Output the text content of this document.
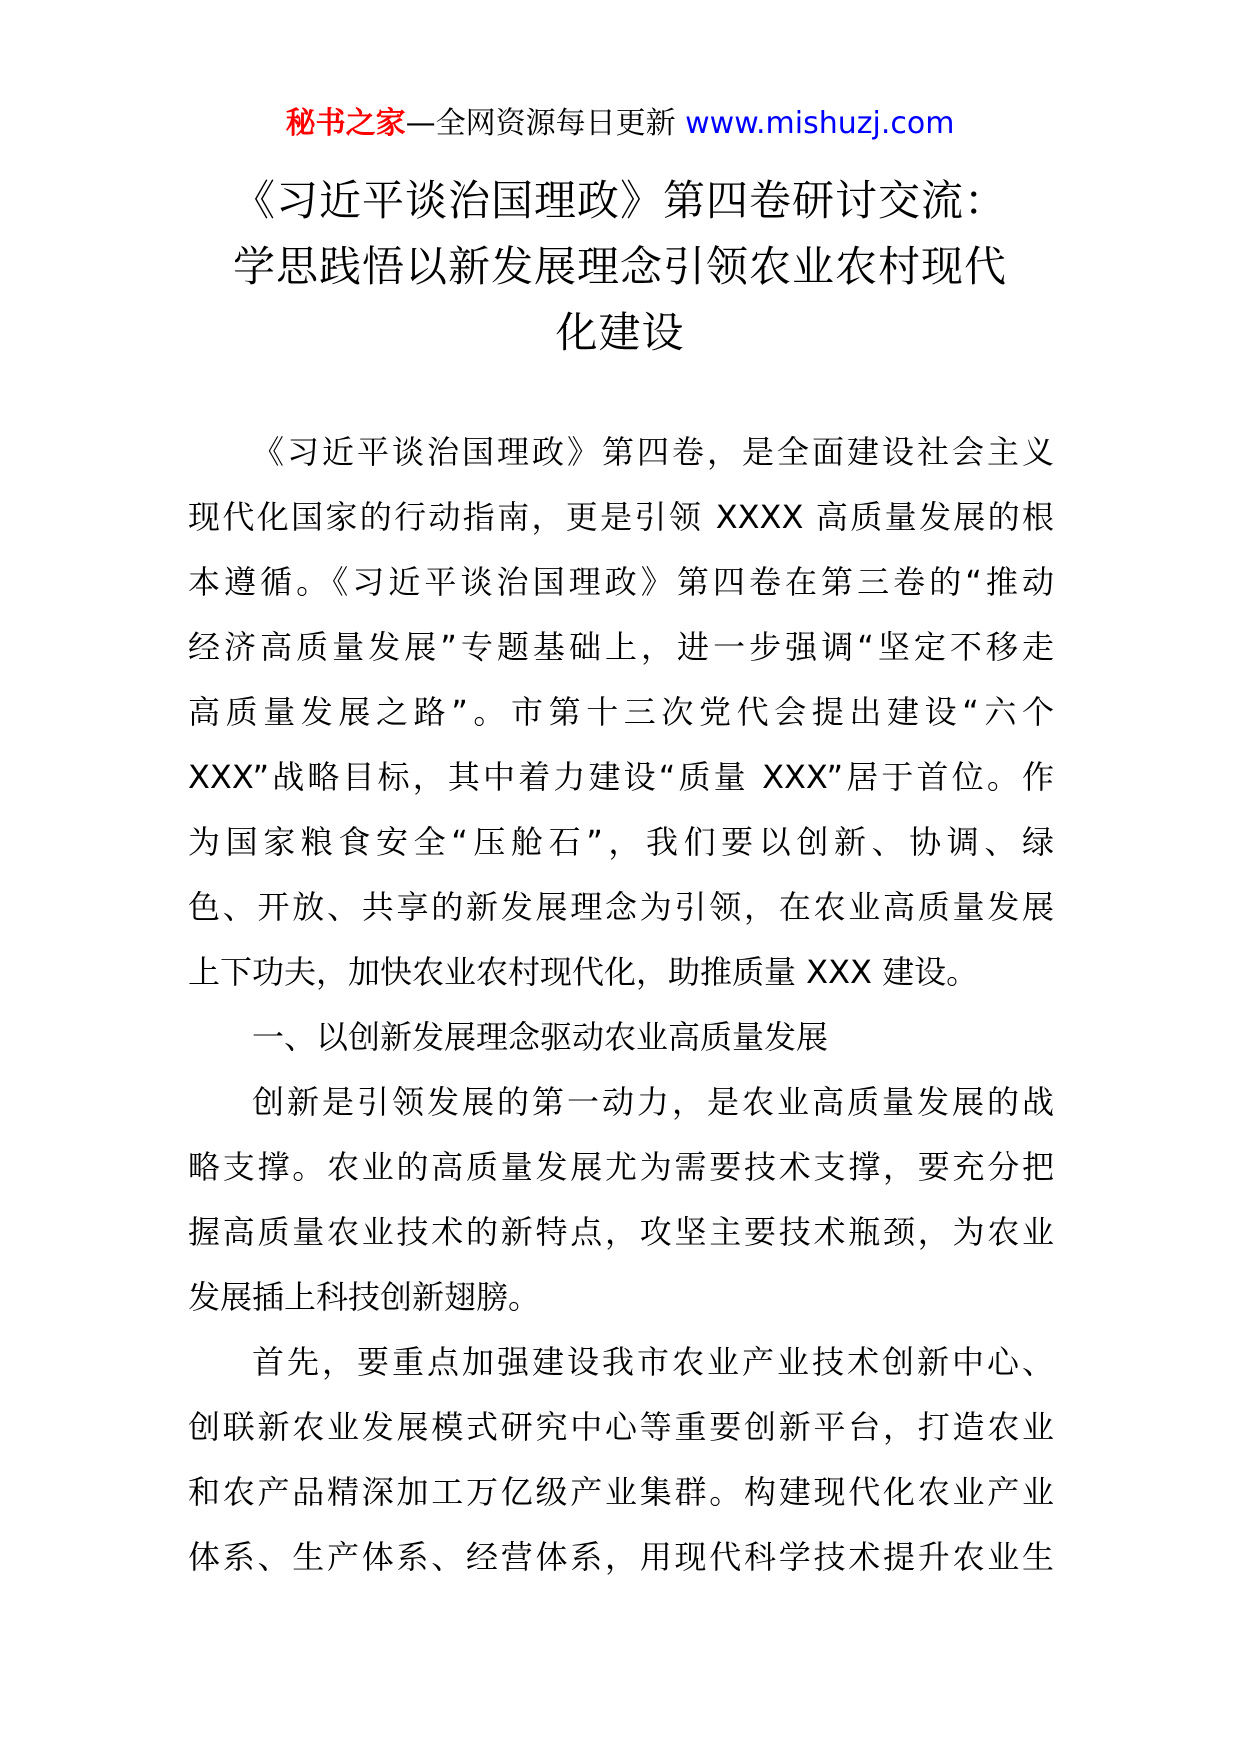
秘书之家—全网资源每日更新 www.mishuzj.com
《习近平谈治国理政》第四卷研讨交流：
学思践悟以新发展理念引领农业农村现代
化建设
《习近平谈治国理政》第四卷，是全面建设社会主义
现代化国家的行动指南，更是引领 XXXX 高质量发展的根
本遵循。《习近平谈治国理政》第四卷在第三卷的“推动
经济高质量发展”专题基础上，进一步强调“坚定不移走
高质量发展之路”。市第十三次党代会提出建设“六个
XXX”战略目标，其中着力建设“质量 XXX”居于首位。作
为国家粮食安全“压舱石”，我们要以创新、协调、绿
色、开放、共享的新发展理念为引领，在农业高质量发展
上下功夫，加快农业农村现代化，助推质量 XXX 建设。
一、以创新发展理念驱动农业高质量发展
创新是引领发展的第一动力，是农业高质量发展的战
略支撑。农业的高质量发展尤为需要技术支撑，要充分把
握高质量农业技术的新特点，攻坚主要技术瓶颈，为农业
发展插上科技创新翅膀。
首先，要重点加强建设我市农业产业技术创新中心、
创联新农业发展模式研究中心等重要创新平台，打造农业
和农产品精深加工万亿级产业集群。构建现代化农业产业
体系、生产体系、经营体系，用现代科学技术提升农业生
